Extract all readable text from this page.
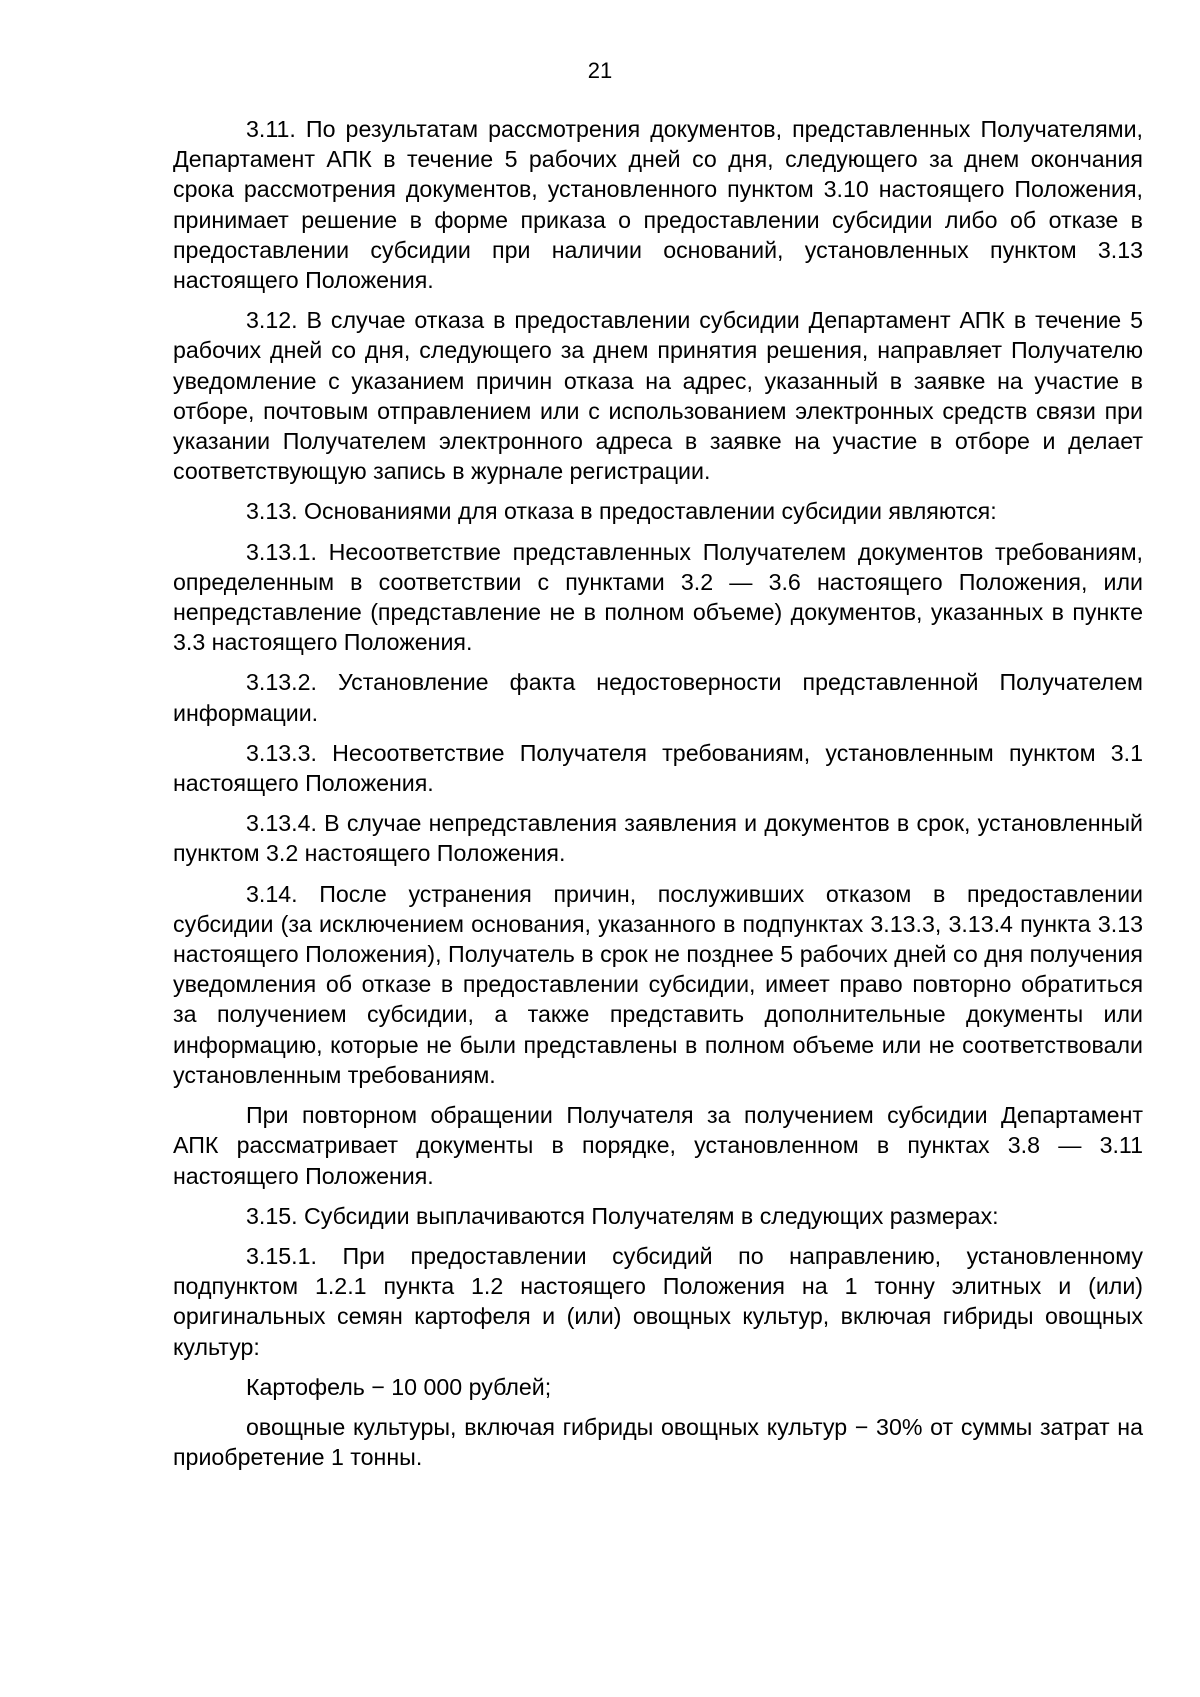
21

3.11. По результатам рассмотрения документов, представленных Получателями, Департамент АПК в течение 5 рабочих дней со дня, следующего за днем окончания срока рассмотрения документов, установленного пунктом 3.10 настоящего Положения, принимает решение в форме приказа о предоставлении субсидии либо об отказе в предоставлении субсидии при наличии оснований, установленных пунктом 3.13 настоящего Положения.

3.12. В случае отказа в предоставлении субсидии Департамент АПК в течение 5 рабочих дней со дня, следующего за днем принятия решения, направляет Получателю уведомление с указанием причин отказа на адрес, указанный в заявке на участие в отборе, почтовым отправлением или с использованием электронных средств связи при указании Получателем электронного адреса в заявке на участие в отборе и делает соответствующую запись в журнале регистрации.

3.13. Основаниями для отказа в предоставлении субсидии являются:

3.13.1. Несоответствие представленных Получателем документов требованиям, определенным в соответствии с пунктами 3.2 — 3.6 настоящего Положения, или непредставление (представление не в полном объеме) документов, указанных в пункте 3.3 настоящего Положения.

3.13.2. Установление факта недостоверности представленной Получателем информации.

3.13.3. Несоответствие Получателя требованиям, установленным пунктом 3.1 настоящего Положения.

3.13.4. В случае непредставления заявления и документов в срок, установленный пунктом 3.2 настоящего Положения.

3.14. После устранения причин, послуживших отказом в предоставлении субсидии (за исключением основания, указанного в подпунктах 3.13.3, 3.13.4 пункта 3.13 настоящего Положения), Получатель в срок не позднее 5 рабочих дней со дня получения уведомления об отказе в предоставлении субсидии, имеет право повторно обратиться за получением субсидии, а также представить дополнительные документы или информацию, которые не были представлены в полном объеме или не соответствовали установленным требованиям.

При повторном обращении Получателя за получением субсидии Департамент АПК рассматривает документы в порядке, установленном в пунктах 3.8 — 3.11 настоящего Положения.

3.15. Субсидии выплачиваются Получателям в следующих размерах:

3.15.1. При предоставлении субсидий по направлению, установленному подпунктом 1.2.1 пункта 1.2 настоящего Положения на 1 тонну элитных и (или) оригинальных семян картофеля и (или) овощных культур, включая гибриды овощных культур:

Картофель − 10 000 рублей;

овощные культуры, включая гибриды овощных культур − 30% от суммы затрат на приобретение 1 тонны.
